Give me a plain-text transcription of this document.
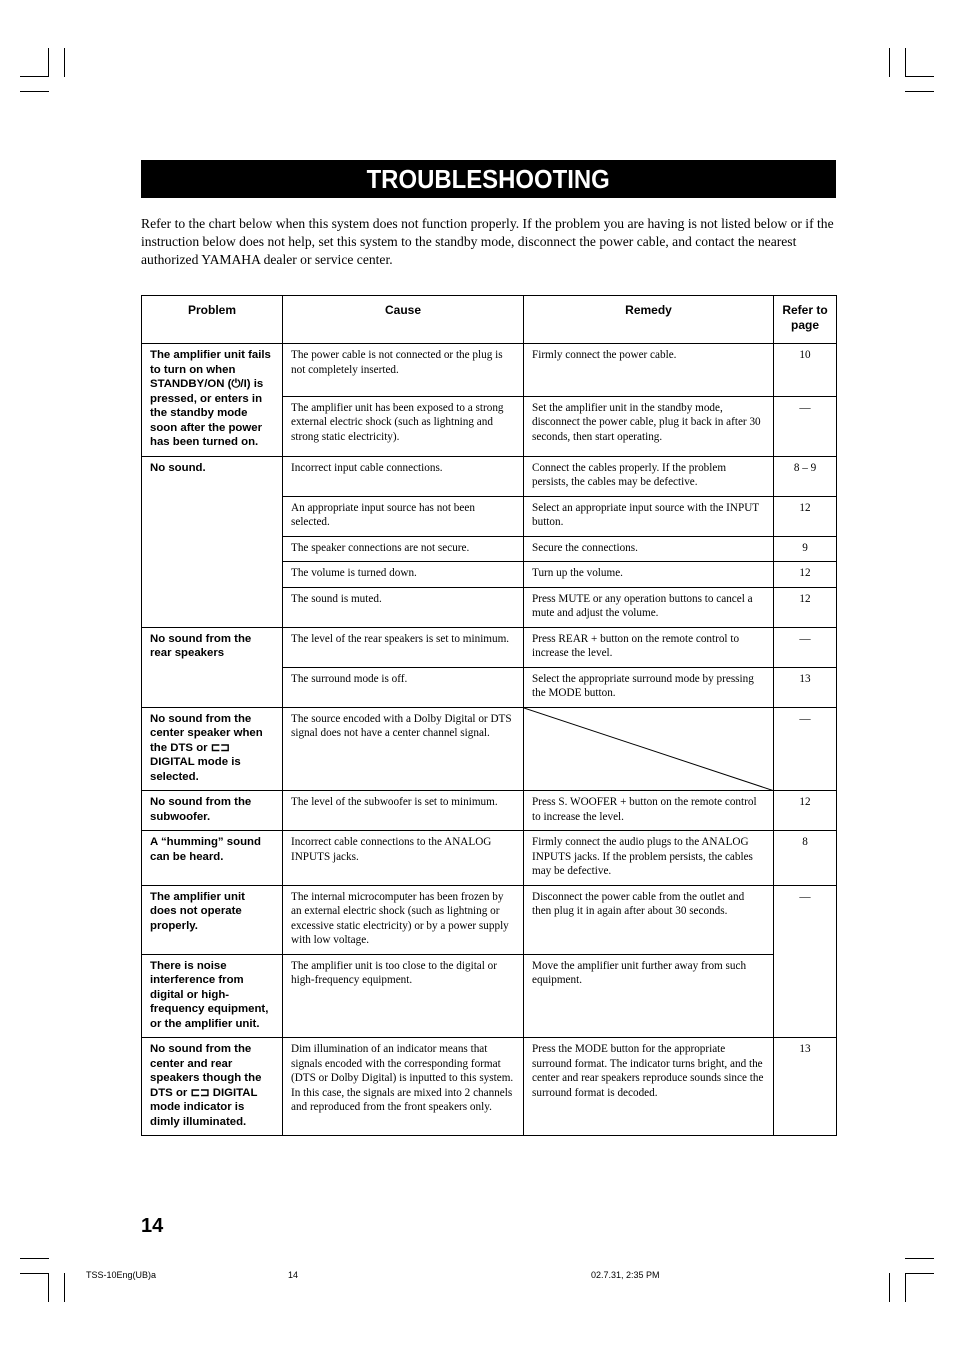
TROUBLESHOOTING
Refer to the chart below when this system does not function properly. If the problem you are having is not listed below or if the instruction below does not help, set this system to the standby mode, disconnect the power cable, and contact the nearest authorized YAMAHA dealer or service center.
Problem	Cause	Remedy	Refer to page
The amplifier unit fails to turn on when STANDBY/ON (⏻/I) is pressed, or enters in the standby mode soon after the power has been turned on.	The power cable is not connected or the plug is not completely inserted.	Firmly connect the power cable.	10
	The amplifier unit has been exposed to a strong external electric shock (such as lightning and strong static electricity).	Set the amplifier unit in the standby mode, disconnect the power cable, plug it back in after 30 seconds, then start operating.	—
No sound.	Incorrect input cable connections.	Connect the cables properly. If the problem persists, the cables may be defective.	8 – 9
	An appropriate input source has not been selected.	Select an appropriate input source with the INPUT button.	12
	The speaker connections are not secure.	Secure the connections.	9
	The volume is turned down.	Turn up the volume.	12
	The sound is muted.	Press MUTE or any operation buttons to cancel a mute and adjust the volume.	12
No sound from the rear speakers	The level of the rear speakers is set to minimum.	Press REAR + button on the remote control to increase the level.	—
	The surround mode is off.	Select the appropriate surround mode by pressing the MODE button.	13
No sound from the center speaker when the DTS or ⊏⊐ DIGITAL mode is selected.	The source encoded with a Dolby Digital or DTS signal does not have a center channel signal.		—
No sound from the subwoofer.	The level of the subwoofer is set to minimum.	Press S. WOOFER + button on the remote control to increase the level.	12
A “humming” sound can be heard.	Incorrect cable connections to the ANALOG INPUTS jacks.	Firmly connect the audio plugs to the ANALOG INPUTS jacks. If the problem persists, the cables may be defective.	8
The amplifier unit does not operate properly.	The internal microcomputer has been frozen by an external electric shock (such as lightning or excessive static electricity) or by a power supply with low voltage.	Disconnect the power cable from the outlet and then plug it in again after about 30 seconds.	—
There is noise interference from digital or high-frequency equipment, or the amplifier unit.	The amplifier unit is too close to the digital or high-frequency equipment.	Move the amplifier unit further away from such equipment.	
No sound from the center and rear speakers though the DTS or ⊏⊐ DIGITAL mode indicator is dimly illuminated.	Dim illumination of an indicator means that signals encoded with the corresponding format (DTS or Dolby Digital) is inputted to this system. In this case, the signals are mixed into 2 channels and reproduced from the front speakers only.	Press the MODE button for the appropriate surround format. The indicator turns bright, and the center and rear speakers reproduce sounds since the surround format is decoded.	13
14
TSS-10Eng(UB)a	14	02.7.31, 2:35 PM
